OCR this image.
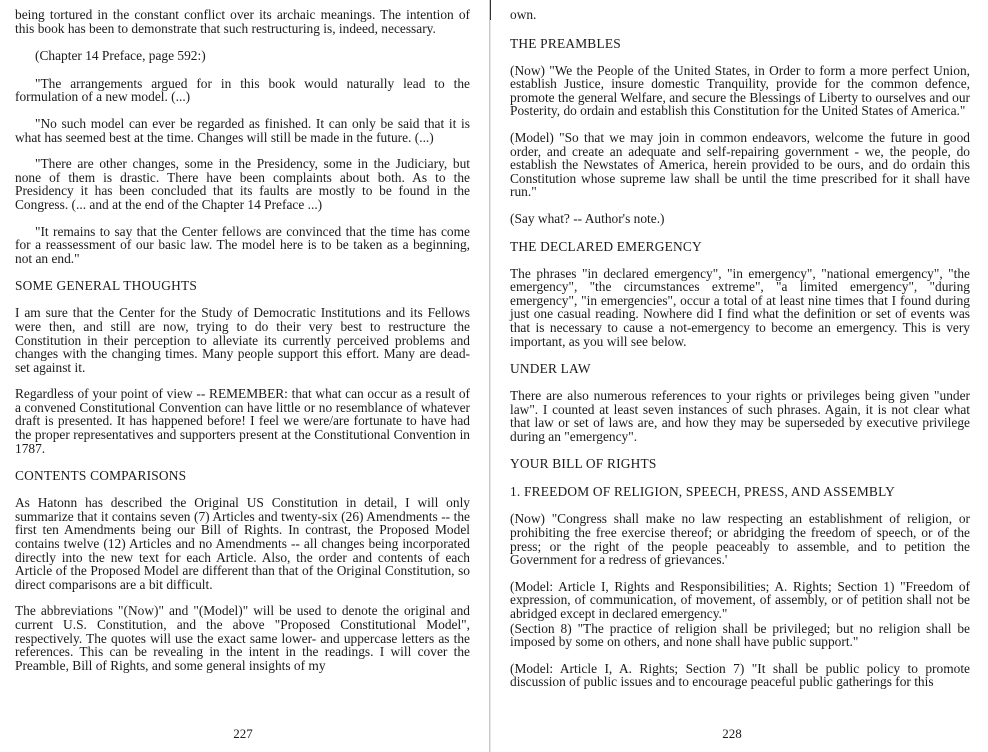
being tortured in the constant conflict over its archaic meanings. The intention of this book has been to demonstrate that such restructuring is, indeed, necessary.

(Chapter 14 Preface, page 592:)

"The arrangements argued for in this book would naturally lead to the formulation of a new model. (...)

"No such model can ever be regarded as finished. It can only be said that it is what has seemed best at the time. Changes will still be made in the future. (...)

"There are other changes, some in the Presidency, some in the Judiciary, but none of them is drastic. There have been complaints about both. As to the Presidency it has been concluded that its faults are mostly to be found in the Congress. (... and at the end of the Chapter 14 Preface ...)

"It remains to say that the Center fellows are convinced that the time has come for a reassessment of our basic law. The model here is to be taken as a beginning, not an end."

SOME GENERAL THOUGHTS

I am sure that the Center for the Study of Democratic Institutions and its Fellows were then, and still are now, trying to do their very best to restructure the Constitution in their perception to alleviate its currently perceived problems and changes with the changing times. Many people support this effort. Many are dead-set against it.

Regardless of your point of view -- REMEMBER: that what can occur as a result of a convened Constitutional Convention can have little or no resemblance of whatever draft is presented. It has happened before! I feel we were/are fortunate to have had the proper representatives and supporters present at the Constitutional Convention in 1787.

CONTENTS COMPARISONS

As Hatonn has described the Original US Constitution in detail, I will only summarize that it contains seven (7) Articles and twenty-six (26) Amendments -- the first ten Amendments being our Bill of Rights. In contrast, the Proposed Model contains twelve (12) Articles and no Amendments -- all changes being incorporated directly into the new text for each Article. Also, the order and contents of each Article of the Proposed Model are different than that of the Original Constitution, so direct comparisons are a bit difficult.

The abbreviations "(Now)" and "(Model)" will be used to denote the original and current U.S. Constitution, and the above "Proposed Constitutional Model", respectively. The quotes will use the exact same lower- and uppercase letters as the references. This can be revealing in the intent in the readings. I will cover the Preamble, Bill of Rights, and some general insights of my

227

own.

THE PREAMBLES

(Now) "We the People of the United States, in Order to form a more perfect Union, establish Justice, insure domestic Tranquility, provide for the common defence, promote the general Welfare, and secure the Blessings of Liberty to ourselves and our Posterity, do ordain and establish this Constitution for the United States of America."

(Model) "So that we may join in common endeavors, welcome the future in good order, and create an adequate and self-repairing government - we, the people, do establish the Newstates of America, herein provided to be ours, and do ordain this Constitution whose supreme law shall be until the time prescribed for it shall have run."

(Say what? -- Author's note.)

THE DECLARED EMERGENCY

The phrases "in declared emergency", "in emergency", "national emergency", "the emergency", "the circumstances extreme", "a limited emergency", "during emergency", "in emergencies", occur a total of at least nine times that I found during just one casual reading. Nowhere did I find what the definition or set of events was that is necessary to cause a not-emergency to become an emergency. This is very important, as you will see below.

UNDER LAW

There are also numerous references to your rights or privileges being given "under law". I counted at least seven instances of such phrases. Again, it is not clear what that law or set of laws are, and how they may be superseded by executive privilege during an "emergency".

YOUR BILL OF RIGHTS
1. FREEDOM OF RELIGION, SPEECH, PRESS, AND ASSEMBLY

(Now) "Congress shall make no law respecting an establishment of religion, or prohibiting the free exercise thereof; or abridging the freedom of speech, or of the press; or the right of the people peaceably to assemble, and to petition the Government for a redress of grievances.'

(Model: Article I, Rights and Responsibilities; A. Rights; Section 1) "Freedom of expression, of communication, of movement, of assembly, or of petition shall not be abridged except in declared emergency."

(Section 8) "The practice of religion shall be privileged; but no religion shall be imposed by some on others, and none shall have public support."

(Model: Article I, A. Rights; Section 7) "It shall be public policy to promote discussion of public issues and to encourage peaceful public gatherings for this

228
